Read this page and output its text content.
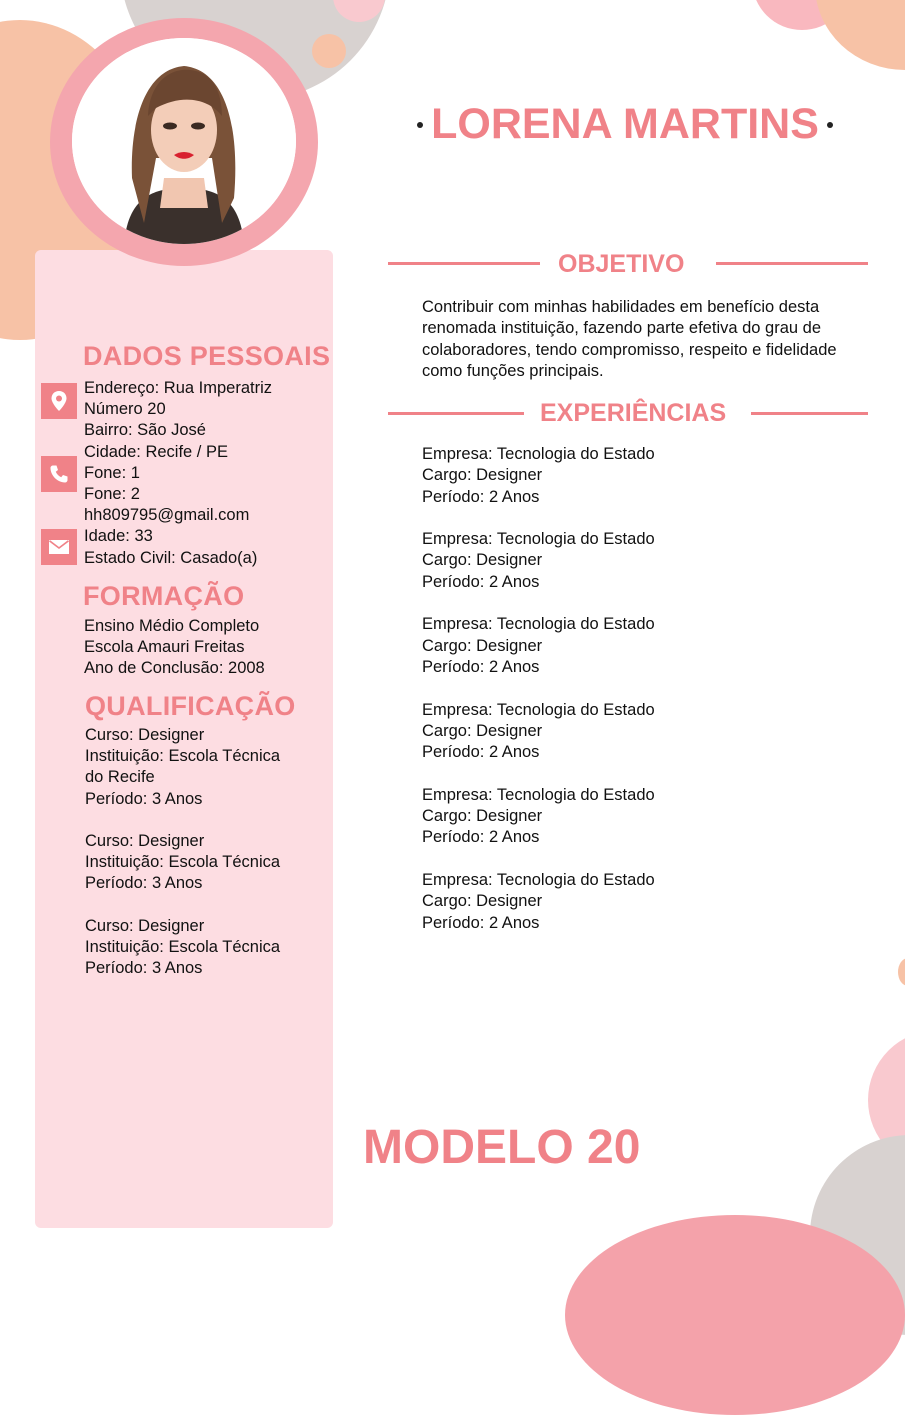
DADOS PESSOAIS
Endereço: Rua Imperatriz
Número 20
Bairro: São José
Cidade: Recife / PE
Fone: 1
Fone: 2
hh809795@gmail.com
Idade: 33
Estado Civil: Casado(a)
FORMAÇÃO
Ensino Médio Completo
Escola Amauri Freitas
Ano de Conclusão: 2008
QUALIFICAÇÃO
Curso: Designer
Instituição: Escola Técnica
do Recife
Período: 3 Anos
Curso: Designer
Instituição: Escola Técnica
Período: 3 Anos
Curso: Designer
Instituição: Escola Técnica
Período: 3 Anos
LORENA MARTINS
OBJETIVO

Contribuir com minhas habilidades em benefício desta renomada instituição, fazendo parte efetiva do grau de colaboradores, tendo compromisso, respeito e fidelidade como funções principais.

EXPERIÊNCIAS
Empresa: Tecnologia do Estado
Cargo: Designer
Período: 2 Anos
Empresa: Tecnologia do Estado
Cargo: Designer
Período: 2 Anos
Empresa: Tecnologia do Estado
Cargo: Designer
Período: 2 Anos
Empresa: Tecnologia do Estado
Cargo: Designer
Período: 2 Anos
Empresa: Tecnologia do Estado
Cargo: Designer
Período: 2 Anos
Empresa: Tecnologia do Estado
Cargo: Designer
Período: 2 Anos
MODELO 20
